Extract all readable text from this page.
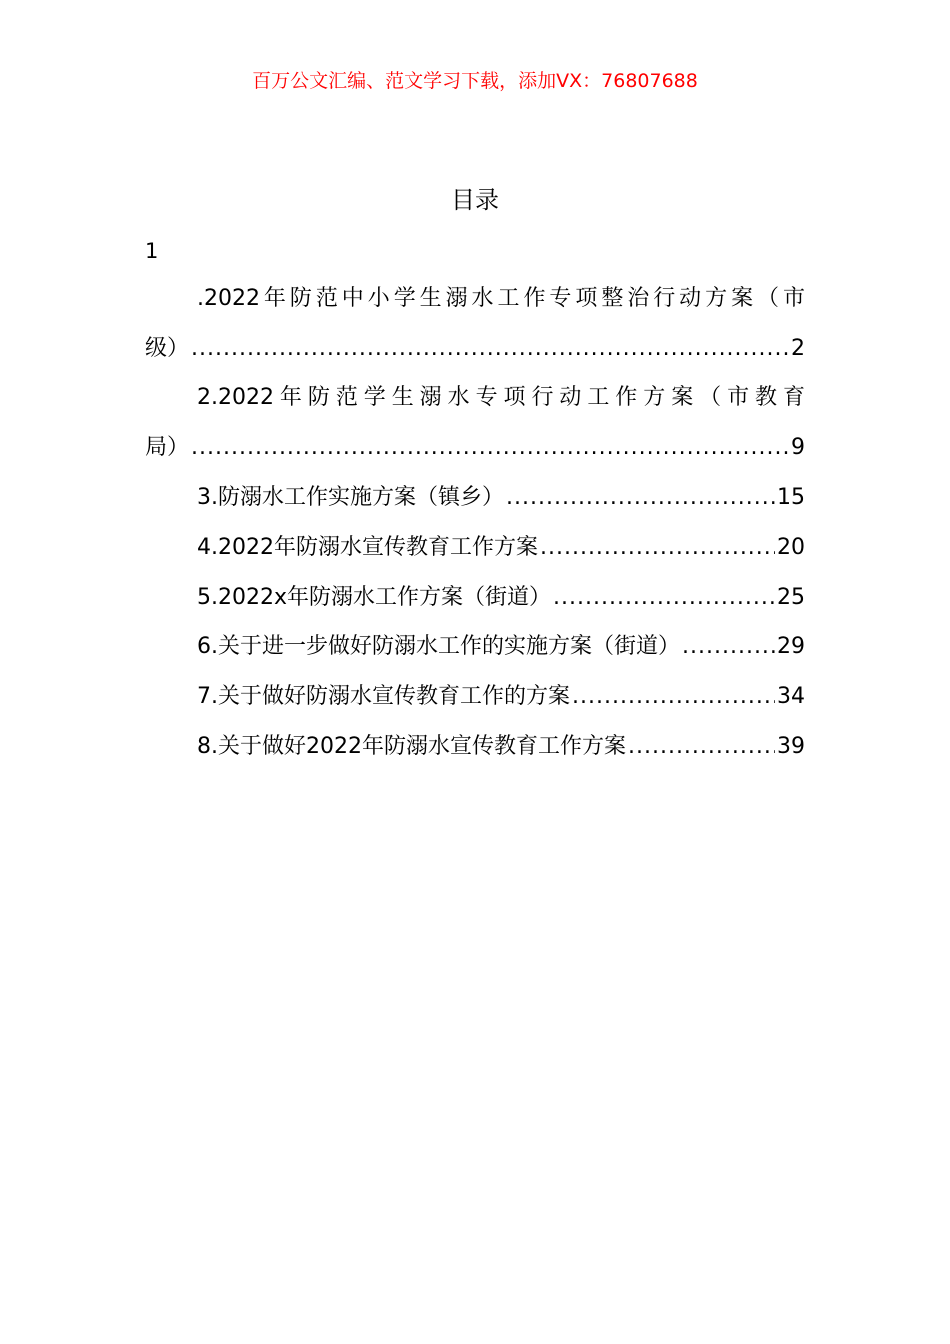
百万公文汇编、范文学习下载，添加VX：76807688
目录
1
.2022年防范中小学生溺水工作专项整治行动方案（市
级） .....	2
2.2022年防范学生溺水专项行动工作方案（市教育
局） .....	9
3.防溺水工作实施方案（镇乡） .....	15
4.2022年防溺水宣传教育工作方案 .....	20
5.2022x年防溺水工作方案（街道） .....	25
6.关于进一步做好防溺水工作的实施方案（街道） .....	29
7.关于做好防溺水宣传教育工作的方案 .....	34
8.关于做好2022年防溺水宣传教育工作方案 .....	39
